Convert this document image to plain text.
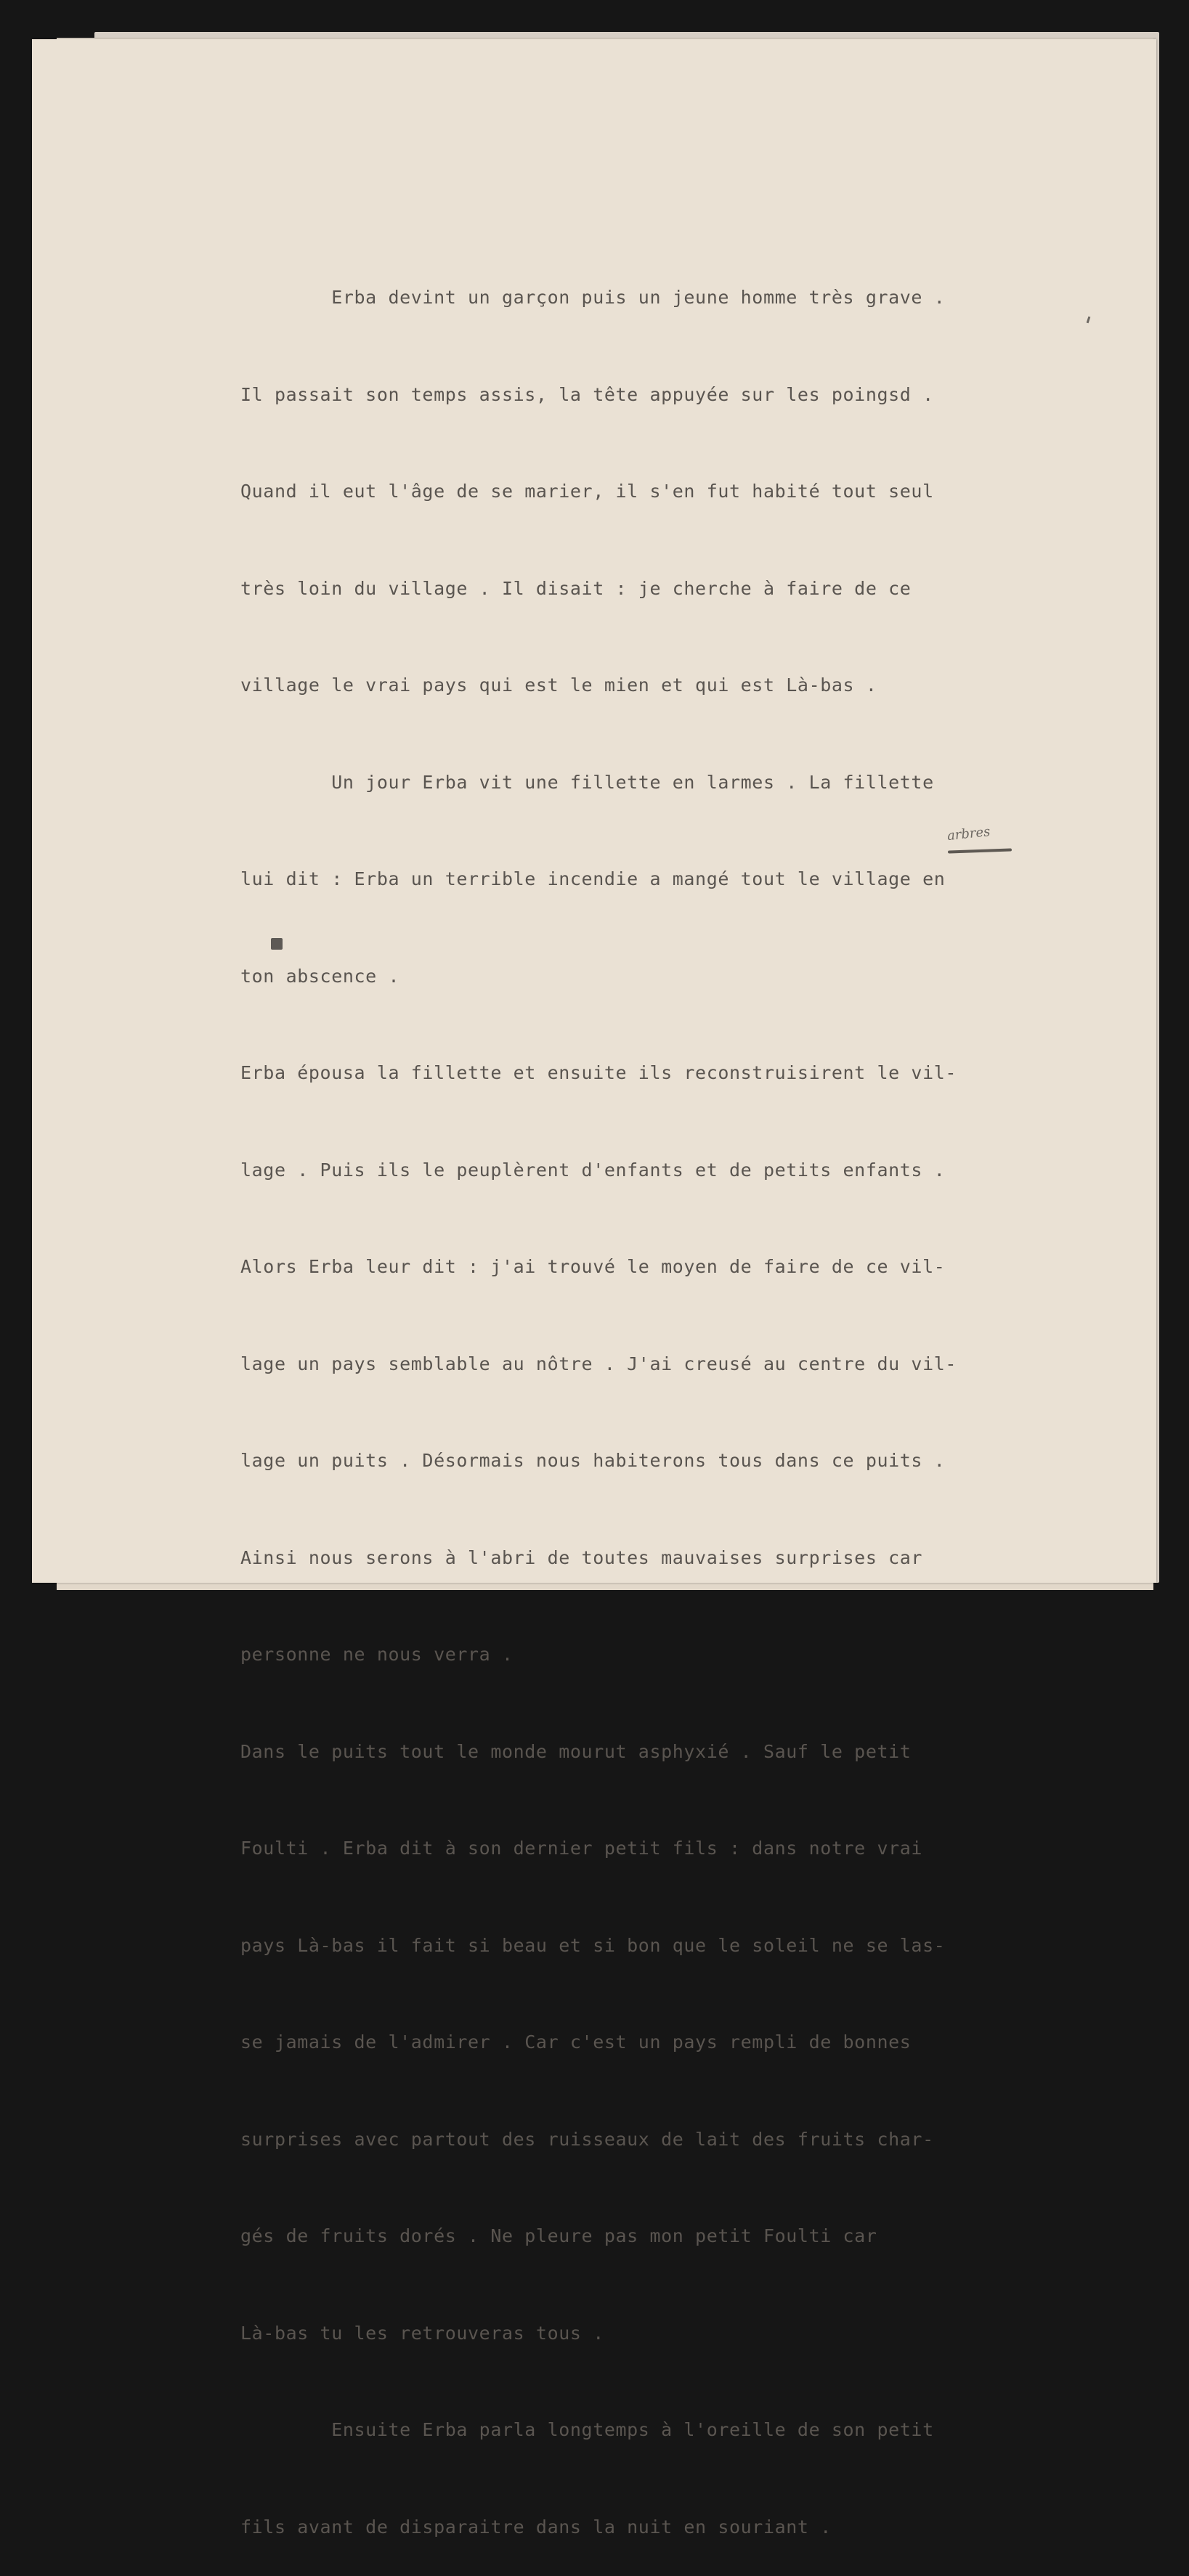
Erba devint un garçon puis un jeune homme très grave .

Il passait son temps assis, la tête appuyée sur les poingsd .

Quand il eut l'âge de se marier, il s'en fut habité tout seul

très loin du village . Il disait : je cherche à faire de ce

village le vrai pays qui est le mien et qui est Là-bas .

Un jour Erba vit une fillette en larmes . La fillette

lui dit : Erba un terrible incendie a mangé tout le village en

ton abscence .

Erba épousa la fillette et ensuite ils reconstruisirent le vil-

lage . Puis ils le peuplèrent d'enfants et de petits enfants .

Alors Erba leur dit : j'ai trouvé le moyen de faire de ce vil-

lage un pays semblable au nôtre . J'ai creusé au centre du vil-

lage un puits . Désormais nous habiterons tous dans ce puits .

Ainsi nous serons à l'abri de toutes mauvaises surprises car

personne ne nous verra .

Dans le puits tout le monde mourut asphyxié . Sauf le petit

Foulti . Erba dit à son dernier petit fils : dans notre vrai

pays Là-bas il fait si beau et si bon que le soleil ne se las-

se jamais de l'admirer . Car c'est un pays rempli de bonnes

surprises avec partout des ruisseaux de lait des fruits char-

gés de fruits dorés . Ne pleure pas mon petit Foulti car

Là-bas tu les retrouveras tous .

Ensuite Erba parla longtemps à l'oreille de son petit

fils avant de disparaitre dans la nuit en souriant .

arbres
